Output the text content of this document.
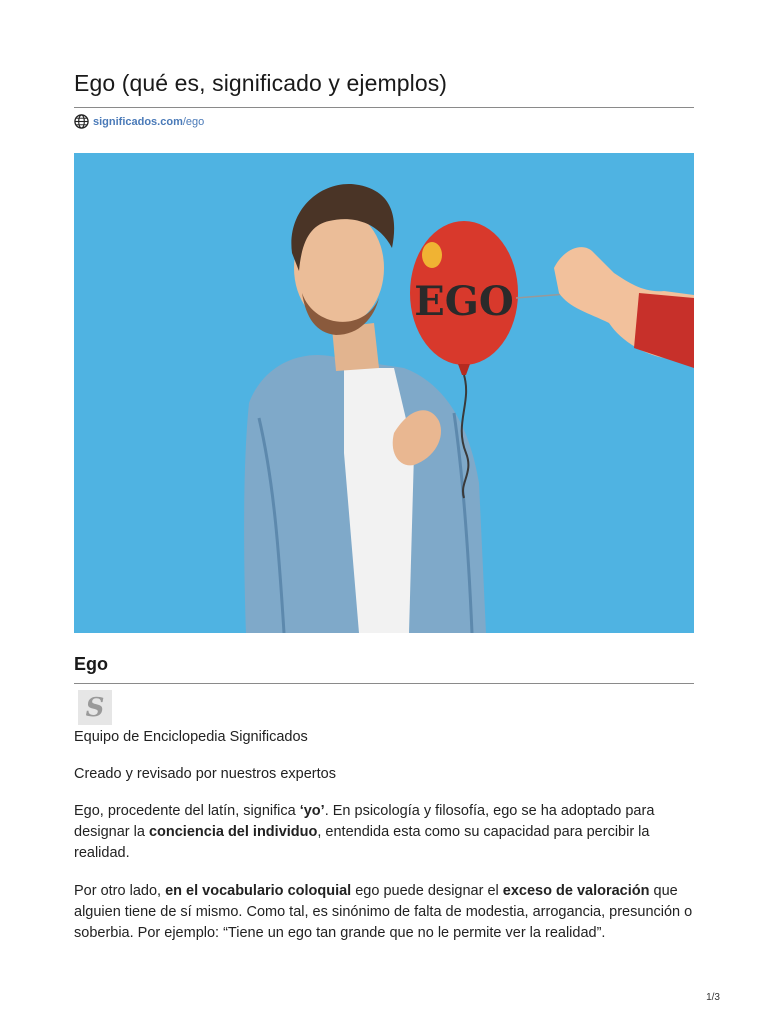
Ego (qué es, significado y ejemplos)
significados.com /ego
EGO
Ego
S

Equipo de Enciclopedia Significados

Creado y revisado por nuestros expertos

Ego, procedente del latín, significa ‘yo’. En psicología y filosofía, ego se ha adoptado para designar la conciencia del individuo, entendida esta como su capacidad para percibir la realidad.

Por otro lado, en el vocabulario coloquial ego puede designar el exceso de valoración que alguien tiene de sí mismo. Como tal, es sinónimo de falta de modestia, arrogancia, presunción o soberbia. Por ejemplo: “Tiene un ego tan grande que no le permite ver la realidad”.

1/3
